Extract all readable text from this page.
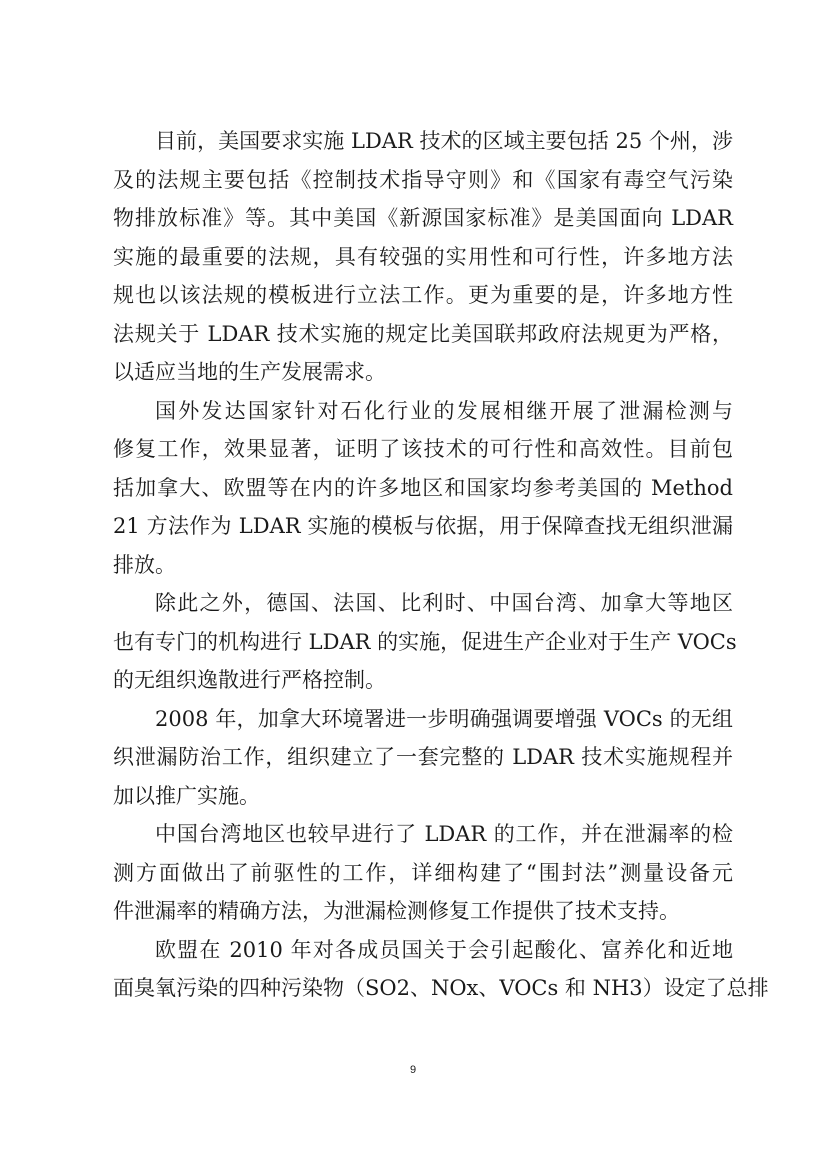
目前，美国要求实施 LDAR 技术的区域主要包括 25 个州，涉
及的法规主要包括《控制技术指导守则》和《国家有毒空气污染
物排放标准》等。其中美国《新源国家标准》是美国面向 LDAR
实施的最重要的法规，具有较强的实用性和可行性，许多地方法
规也以该法规的模板进行立法工作。更为重要的是，许多地方性
法规关于 LDAR 技术实施的规定比美国联邦政府法规更为严格，
以适应当地的生产发展需求。
国外发达国家针对石化行业的发展相继开展了泄漏检测与
修复工作，效果显著，证明了该技术的可行性和高效性。目前包
括加拿大、欧盟等在内的许多地区和国家均参考美国的 Method
21 方法作为 LDAR 实施的模板与依据，用于保障查找无组织泄漏
排放。
除此之外，德国、法国、比利时、中国台湾、加拿大等地区
也有专门的机构进行 LDAR 的实施，促进生产企业对于生产 VOCs
的无组织逸散进行严格控制。
2008 年，加拿大环境署进一步明确强调要增强 VOCs 的无组
织泄漏防治工作，组织建立了一套完整的 LDAR 技术实施规程并
加以推广实施。
中国台湾地区也较早进行了 LDAR 的工作，并在泄漏率的检
测方面做出了前驱性的工作，详细构建了“围封法”测量设备元
件泄漏率的精确方法，为泄漏检测修复工作提供了技术支持。
欧盟在 2010 年对各成员国关于会引起酸化、富养化和近地
面臭氧污染的四种污染物（SO2、NOx、VOCs 和 NH3）设定了总排
9
